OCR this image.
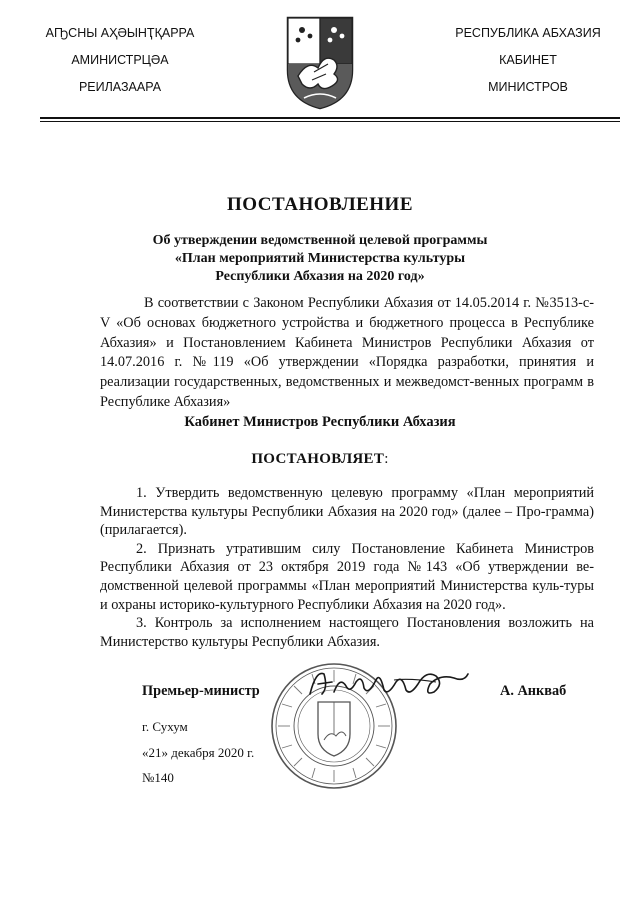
АҦСНЫ АҲӘЫНҬҚАРРА
АМИНИСТРЦӘА
РЕИЛАЗААРА
РЕСПУБЛИКА АБХАЗИЯ
КАБИНЕТ
МИНИСТРОВ
ПОСТАНОВЛЕНИЕ
Об утверждении ведомственной целевой программы
«План мероприятий Министерства культуры
Республики Абхазия на 2020 год»

В соответствии с Законом Республики Абхазия от 14.05.2014 г. №3513-с-V «Об основах бюджетного устройства и бюджетного процесса в Республике Абхазия» и Постановлением Кабинета Министров Республики Абхазия от 14.07.2016 г. №119 «Об утверждении «Порядка разработки, принятия и реализации государственных, ведомственных и межведомст-венных программ в Республике Абхазия»

Кабинет Министров Республики Абхазия
ПОСТАНОВЛЯЕТ:

1. Утвердить ведомственную целевую программу «План мероприятий Министерства культуры Республики Абхазия на 2020 год» (далее – Про-грамма) (прилагается).

2. Признать утратившим силу Постановление Кабинета Министров Республики Абхазия от 23 октября 2019 года №143 «Об утверждении ве-домственной целевой программы «План мероприятий Министерства куль-туры и охраны историко-культурного Республики Абхазия на 2020 год».

3. Контроль за исполнением настоящего Постановления возложить на Министерство культуры Республики Абхазия.

Премьер-министр	А. Анкваб
г. Сухум
«21» декабря 2020 г.
№140
